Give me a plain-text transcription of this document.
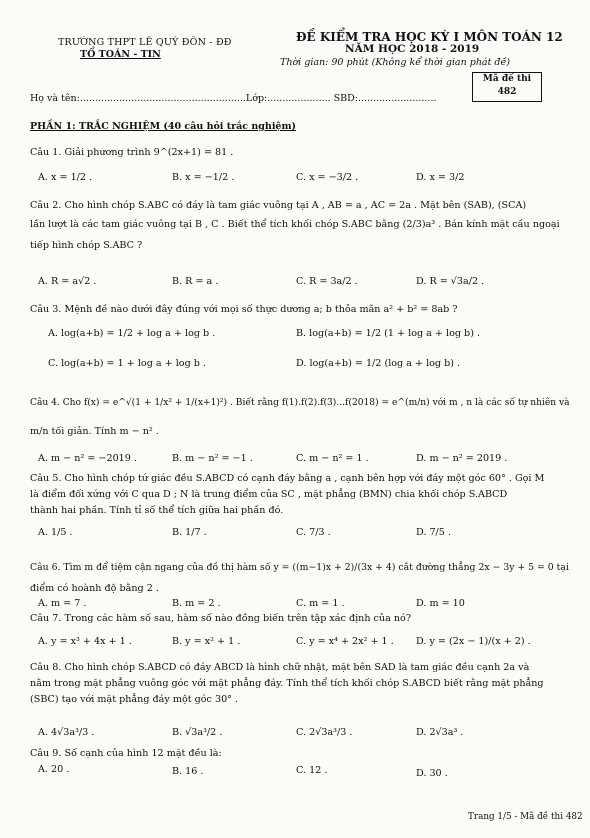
TRƯỜNG THPT LÊ QUÝ ĐÔN - ĐĐ
TỔ TOÁN - TIN
ĐỀ KIỂM TRA HỌC KỲ I MÔN TOÁN 12
NĂM HỌC 2018 - 2019
Thời gian: 90 phút (Không kể thời gian phát đề)
Mã đề thi
482
Họ và tên:.......................................................Lớp:..................... SBD:..........................
PHẦN 1: TRẮC NGHIỆM (40 câu hỏi trắc nghiệm)
Câu 1. Giải phương trình 9^(2x+1) = 81 .
A. x = 1/2 .	B. x = −1/2 .	C. x = −3/2 .	D. x = 3/2
Câu 2. Cho hình chóp S.ABC có đáy là tam giác vuông tại A , AB = a , AC = 2a . Mặt bên (SAB), (SCA)
lần lượt là các tam giác vuông tại B , C . Biết thể tích khối chóp S.ABC bằng (2/3)a³ . Bán kính mặt cầu ngoại
tiếp hình chóp S.ABC ?
A. R = a√2 .	B. R = a .	C. R = 3a/2 .	D. R = √3a/2 .
Câu 3. Mệnh đề nào dưới đây đúng với mọi số thực dương a; b thỏa mãn a² + b² = 8ab ?
A. log(a+b) = 1/2 + log a + log b .	B. log(a+b) = 1/2 (1 + log a + log b) .
C. log(a+b) = 1 + log a + log b .	D. log(a+b) = 1/2 (log a + log b) .
Câu 4. Cho f(x) = e^√(1 + 1/x² + 1/(x+1)²) . Biết rằng f(1).f(2).f(3)...f(2018) = e^(m/n) với m , n là các số tự nhiên và
m/n tối giản. Tính m − n² .
A. m − n² = −2019 .	B. m − n² = −1 .	C. m − n² = 1 .	D. m − n² = 2019 .
Câu 5. Cho hình chóp tứ giác đều S.ABCD có cạnh đáy bằng a , cạnh bên hợp với đáy một góc 60° . Gọi M
là điểm đối xứng với C qua D ; N là trung điểm của SC , mặt phẳng (BMN) chia khối chóp S.ABCD
thành hai phần. Tính tỉ số thể tích giữa hai phần đó.
A. 1/5 .	B. 1/7 .	C. 7/3 .	D. 7/5 .
Câu 6. Tìm m để tiệm cận ngang của đồ thị hàm số y = ((m−1)x + 2)/(3x + 4) cắt đường thẳng 2x − 3y + 5 = 0 tại
điểm có hoành độ bằng 2 .
A. m = 7 .	B. m = 2 .	C. m = 1 .	D. m = 10
Câu 7. Trong các hàm số sau, hàm số nào đồng biến trên tập xác định của nó?
A. y = x³ + 4x + 1 .	B. y = x² + 1 .	C. y = x⁴ + 2x² + 1 . D. y = (2x − 1)/(x + 2) .
Câu 8. Cho hình chóp S.ABCD có đáy ABCD là hình chữ nhật, mặt bên SAD là tam giác đều cạnh 2a và
nằm trong mặt phẳng vuông góc với mặt phẳng đáy. Tính thể tích khối chóp S.ABCD biết rằng mặt phẳng
(SBC) tạo với mặt phẳng đáy một góc 30° .
A. 4√3a³/3 .	B. √3a³/2 .	C. 2√3a³/3 .	D. 2√3a³ .
Câu 9. Số cạnh của hình 12 mặt đều là:
A. 20 .	B. 16 .	C. 12 .	D. 30 .
Trang 1/5 - Mã đề thi 482
